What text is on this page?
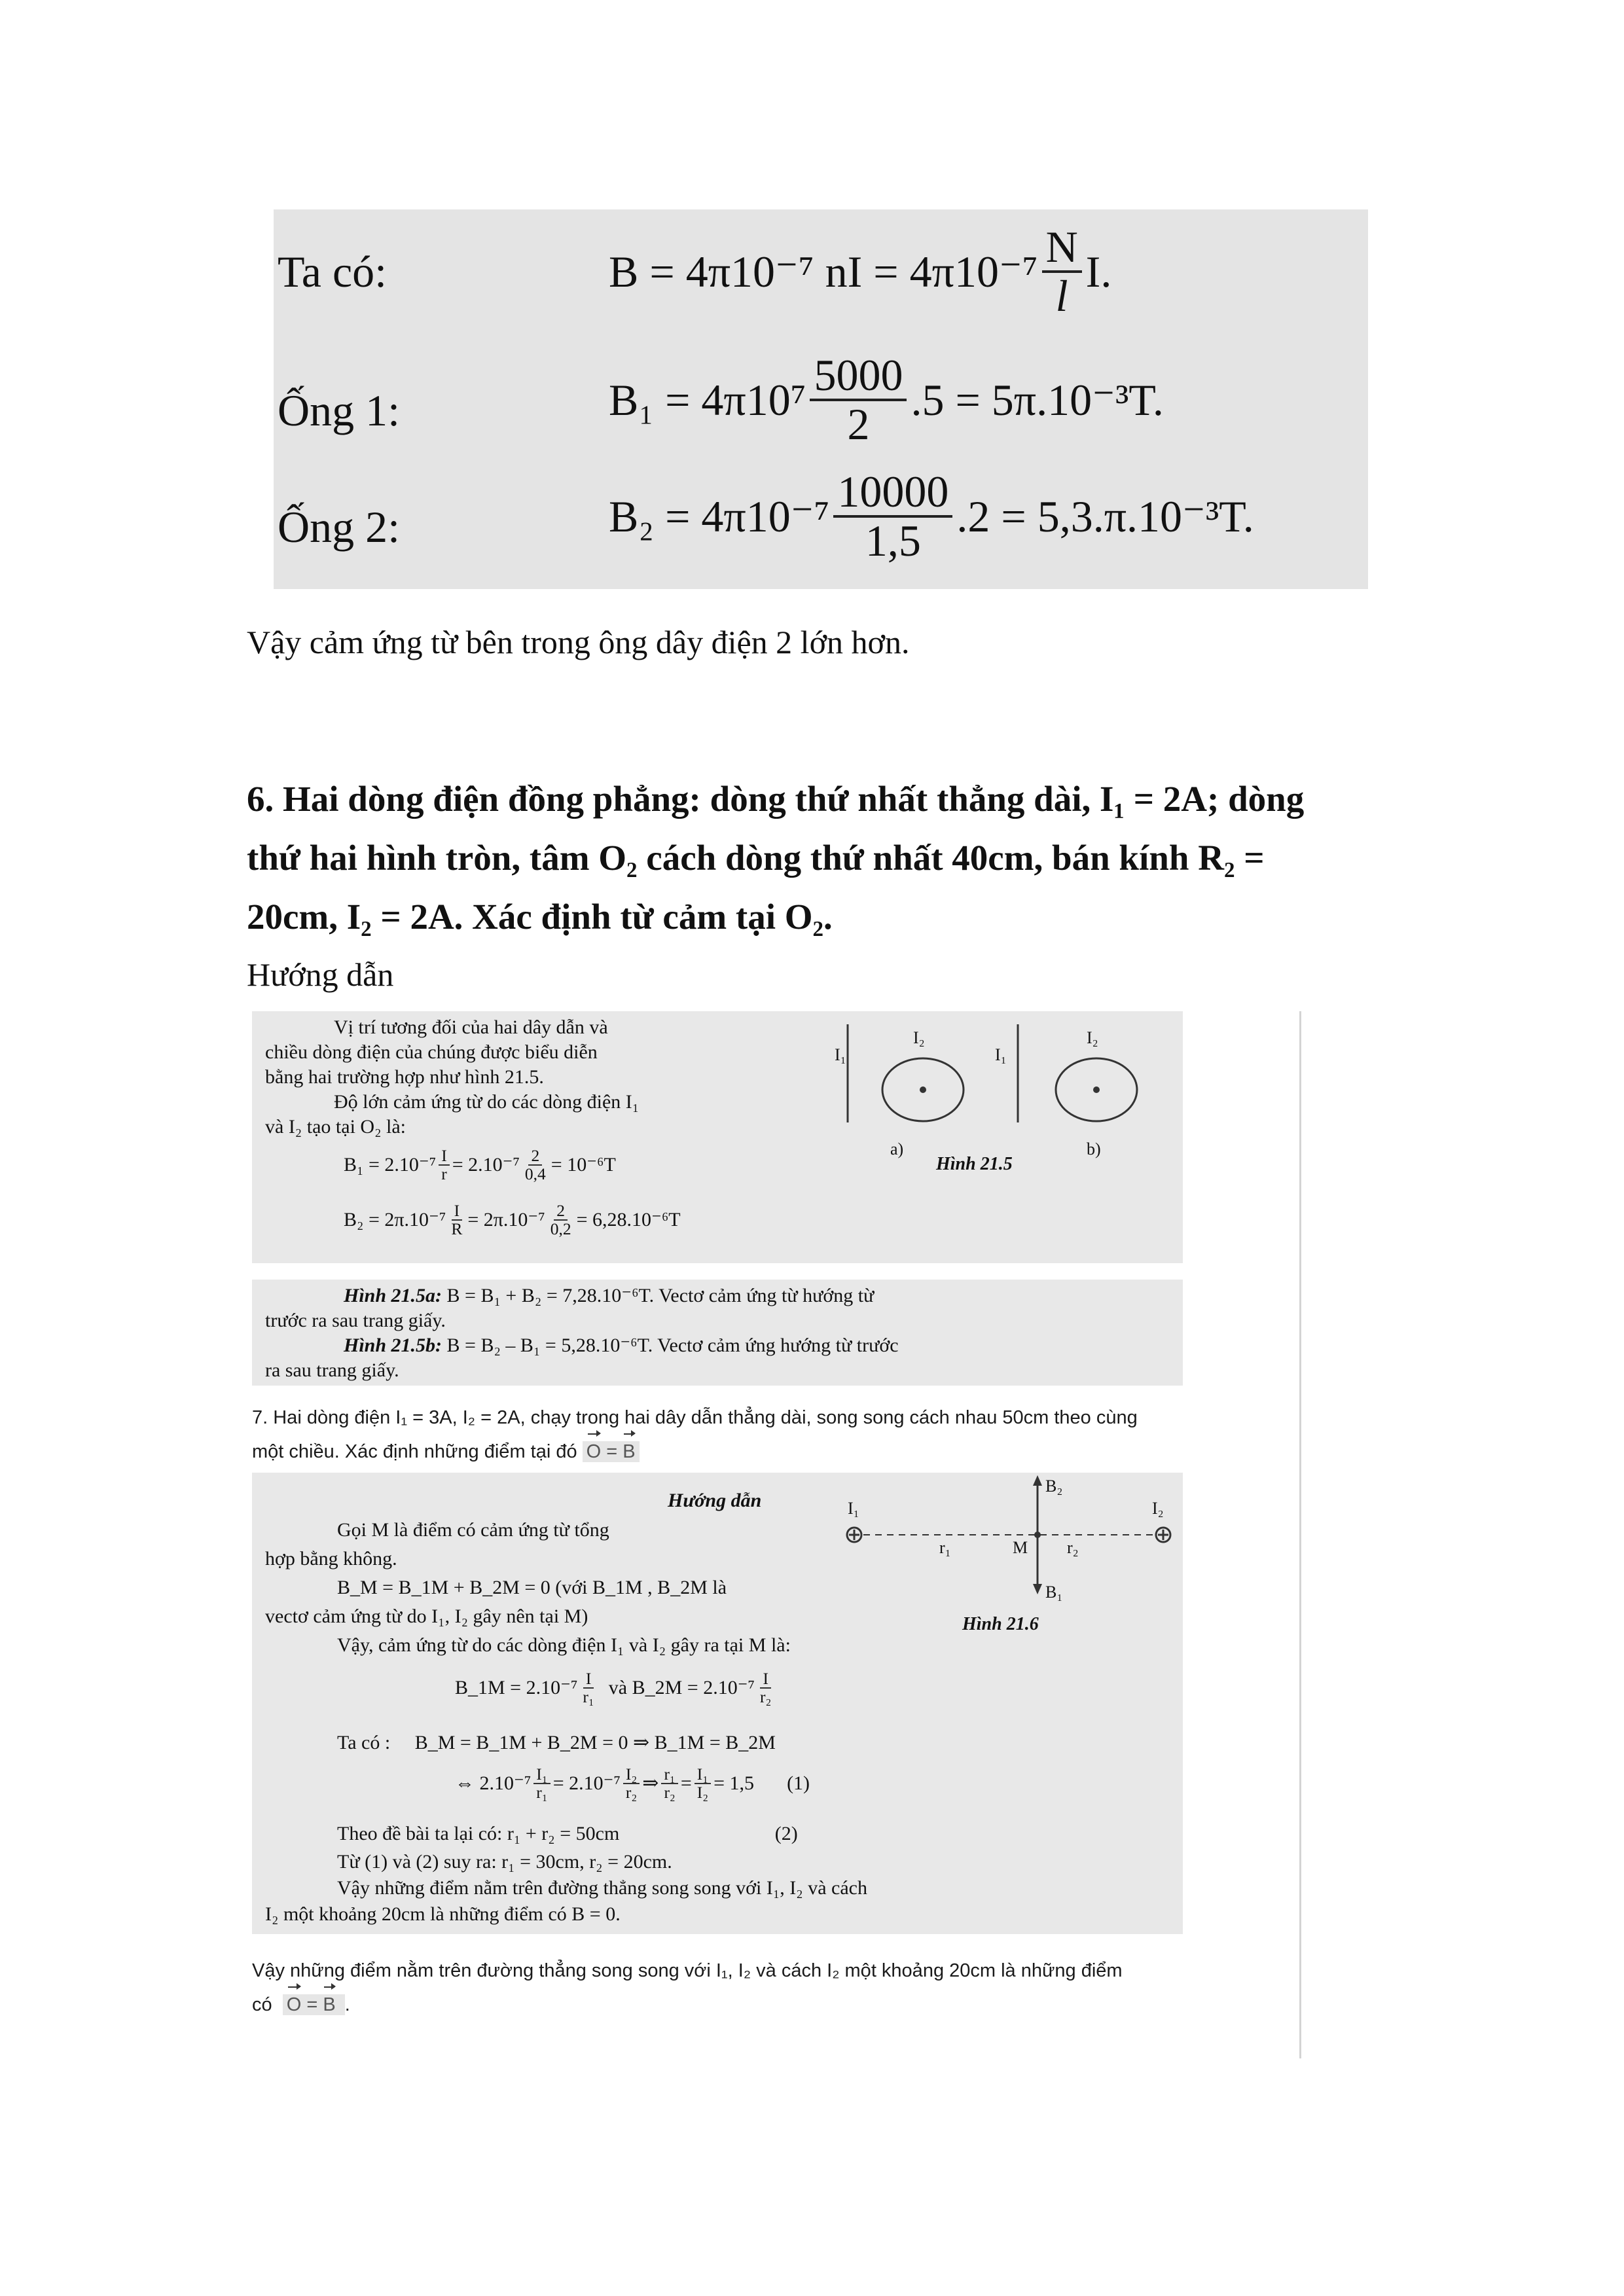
Ta có:	B = 4π10⁻⁷ nI = $4\pi 10^{-7} \frac{N}{l} I$.
Ống 1:	$B_1 = 4\pi 10^7 \frac{5000}{2} .5 = 5\pi.10^{-3}T$.
Ống 2:	$B_2 = 4\pi 10^{-7} \frac{10000}{1,5} .2 = 5,3.\pi.10^{-3}T$.
Vậy cảm ứng từ bên trong ông dây điện 2 lớn hơn.
6. Hai dòng điện đồng phẳng: dòng thứ nhất thẳng dài, I₁ = 2A; dòng
thứ hai hình tròn, tâm O₂ cách dòng thứ nhất 40cm, bán kính R₂ =
20cm, I₂ = 2A. Xác định từ cảm tại O₂.
Hướng dẫn
Vị trí tương đối của hai dây dẫn và
chiều dòng điện của chúng được biểu diễn
bằng hai trường hợp như hình 21.5.
Độ lớn cảm ứng từ do các dòng điện I₁
và I₂ tạo tại O₂ là:
$B_1 = 2.10^{-7} \frac{I}{r} = 2.10^{-7} \frac{2}{0,4} = 10^{-6}T$
$B_2 = 2\pi.10^{-7} \frac{I}{R} = 2\pi.10^{-7} \frac{2}{0,2} = 6,28.10^{-6}T$
I₁
I₂
I₁
I₂
a)	b)
Hình 21.5
Hình 21.5a: B = B₁ + B₂ = 7,28.10⁻⁶T. Vectơ cảm ứng từ hướng từ
trước ra sau trang giấy.
Hình 21.5b: B = B₂ – B₁ = 5,28.10⁻⁶T. Vectơ cảm ứng hướng từ trước
ra sau trang giấy.
7. Hai dòng điện I₁ = 3A, I₂ = 2A, chạy trong hai dây dẫn thẳng dài, song song cách nhau 50cm theo cùng
một chiều. Xác định những điểm tại đó O = B
Hướng dẫn
Gọi M là điểm có cảm ứng từ tổng
hợp bằng không.
B_M = B_1M + B_2M = 0 (với B_1M , B_2M là
vectơ cảm ứng từ do I₁, I₂ gây nên tại M)
Vậy, cảm ứng từ do các dòng điện I₁ và I₂ gây ra tại M là:
B_1M = 2.10⁻⁷ I
r₁ và B_2M = 2.10⁻⁷ I
r₂
Ta có : B_M = B_1M + B_2M = 0 ⇒ B_1M = B_2M
⇔ $2.10^{-7} \frac{\text{I₁}}{\text{r₁}} = 2.10^{-7}$ I₂
r₂ ⇒ $\frac{\text{r₁}}{\text{r₂}} = \frac{\text{I₁}}{\text{I₂}} = 1,5$ (1)
Theo đề bài ta lại có: r₁ + r₂ = 50cm	(2)
Từ (1) và (2) suy ra: r₁ = 30cm, r₂ = 20cm.
Vậy những điểm nằm trên đường thẳng song song với I₁, I₂ và cách
I₂ một khoảng 20cm là những điểm có B = 0.
I₁	I₂
B₂
B₁
r₁	r₂
M
Hình 21.6
Vậy những điểm nằm trên đường thẳng song song với I₁, I₂ và cách I₂ một khoảng 20cm là những điểm
có O = B .
